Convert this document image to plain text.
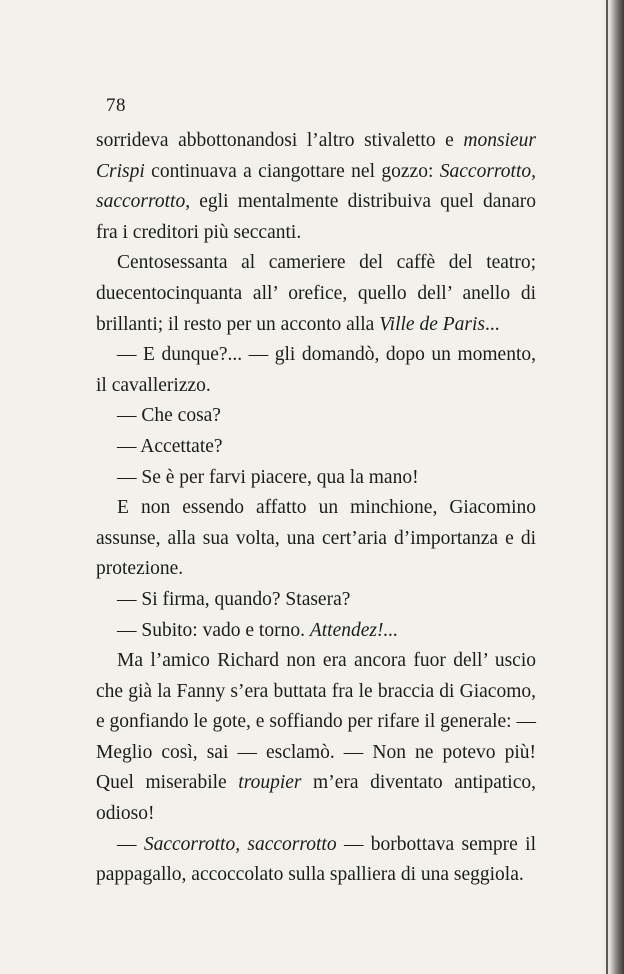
78

sorrideva abbottonandosi l’altro stivaletto e monsieur Crispi continuava a ciangottare nel gozzo: Saccorrotto, saccorrotto, egli mentalmente distribuiva quel danaro fra i creditori più seccanti.

Centosessanta al cameriere del caffè del teatro; duecentocinquanta all’ orefice, quello dell’ anello di brillanti; il resto per un acconto alla Ville de Paris...

— E dunque?... — gli domandò, dopo un momento, il cavallerizzo.

— Che cosa?

— Accettate?

— Se è per farvi piacere, qua la mano!

E non essendo affatto un minchione, Giacomino assunse, alla sua volta, una cert’aria d’importanza e di protezione.

— Si firma, quando? Stasera?

— Subito: vado e torno. Attendez!...

Ma l’amico Richard non era ancora fuor dell’ uscio che già la Fanny s’era buttata fra le braccia di Giacomo, e gonfiando le gote, e soffiando per rifare il generale: — Meglio così, sai — esclamò. — Non ne potevo più! Quel miserabile troupier m’era diventato antipatico, odioso!

— Saccorrotto, saccorrotto — borbottava sempre il pappagallo, accoccolato sulla spalliera di una seggiola.
